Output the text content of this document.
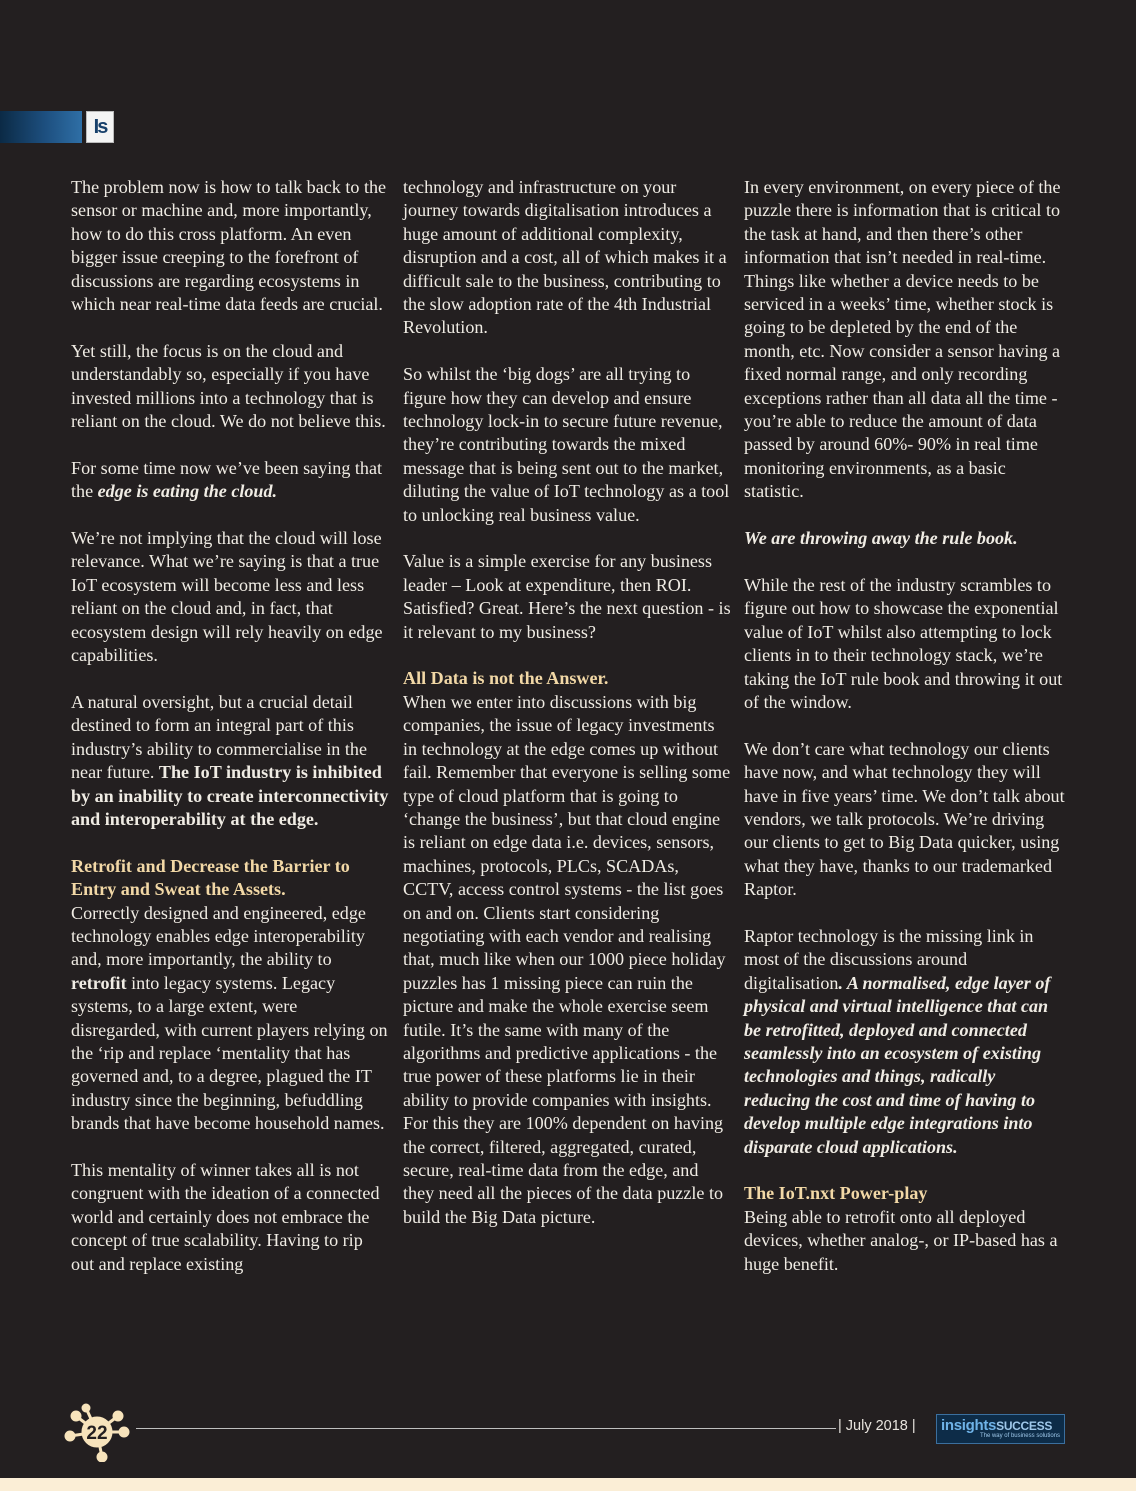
Is

The problem now is how to talk back to the sensor or machine and, more importantly, how to do this cross platform. An even bigger issue creeping to the forefront of discussions are regarding ecosystems in which near real-time data feeds are crucial.

Yet still, the focus is on the cloud and understandably so, especially if you have invested millions into a technology that is reliant on the cloud. We do not believe this.

For some time now we’ve been saying that the edge is eating the cloud.

We’re not implying that the cloud will lose relevance. What we’re saying is that a true IoT ecosystem will become less and less reliant on the cloud and, in fact, that ecosystem design will rely heavily on edge capabilities.

A natural oversight, but a crucial detail destined to form an integral part of this industry’s ability to commercialise in the near future. The IoT industry is inhibited by an inability to create interconnectivity and interoperability at the edge.

Retrofit and Decrease the Barrier to Entry and Sweat the Assets.
Correctly designed and engineered, edge technology enables edge interoperability and, more importantly, the ability to retrofit into legacy systems. Legacy systems, to a large extent, were disregarded, with current players relying on the ‘rip and replace ‘mentality that has governed and, to a degree, plagued the IT industry since the beginning, befuddling brands that have become household names.

This mentality of winner takes all is not congruent with the ideation of a connected world and certainly does not embrace the concept of true scalability. Having to rip out and replace existing

technology and infrastructure on your journey towards digitalisation introduces a huge amount of additional complexity, disruption and a cost, all of which makes it a difficult sale to the business, contributing to the slow adoption rate of the 4th Industrial Revolution.

So whilst the ‘big dogs’ are all trying to figure how they can develop and ensure technology lock-in to secure future revenue, they’re contributing towards the mixed message that is being sent out to the market, diluting the value of IoT technology as a tool to unlocking real business value.

Value is a simple exercise for any business leader – Look at expenditure, then ROI. Satisfied? Great. Here’s the next question - is it relevant to my business?

All Data is not the Answer.
When we enter into discussions with big companies, the issue of legacy investments in technology at the edge comes up without fail. Remember that everyone is selling some type of cloud platform that is going to ‘change the business’, but that cloud engine is reliant on edge data i.e. devices, sensors, machines, protocols, PLCs, SCADAs, CCTV, access control systems - the list goes on and on. Clients start considering negotiating with each vendor and realising that, much like when our 1000 piece holiday puzzles has 1 missing piece can ruin the picture and make the whole exercise seem futile. It’s the same with many of the algorithms and predictive applications - the true power of these platforms lie in their ability to provide companies with insights. For this they are 100% dependent on having the correct, filtered, aggregated, curated, secure, real-time data from the edge, and they need all the pieces of the data puzzle to build the Big Data picture.

In every environment, on every piece of the puzzle there is information that is critical to the task at hand, and then there’s other information that isn’t needed in real-time. Things like whether a device needs to be serviced in a weeks’ time, whether stock is going to be depleted by the end of the month, etc. Now consider a sensor having a fixed normal range, and only recording exceptions rather than all data all the time - you’re able to reduce the amount of data passed by around 60%- 90% in real time monitoring environments, as a basic statistic.

We are throwing away the rule book.

While the rest of the industry scrambles to figure out how to showcase the exponential value of IoT whilst also attempting to lock clients in to their technology stack, we’re taking the IoT rule book and throwing it out of the window.

We don’t care what technology our clients have now, and what technology they will have in five years’ time. We don’t talk about vendors, we talk protocols. We’re driving our clients to get to Big Data quicker, using what they have, thanks to our trademarked Raptor.

Raptor technology is the missing link in most of the discussions around digitalisation. A normalised, edge layer of physical and virtual intelligence that can be retrofitted, deployed and connected seamlessly into an ecosystem of existing technologies and things, radically reducing the cost and time of having to develop multiple edge integrations into disparate cloud applications.

The IoT.nxt Power-play
Being able to retrofit onto all deployed devices, whether analog-, or IP-based has a huge benefit.

22	| July 2018 | insightsSUCCESS
The way of business solutions
